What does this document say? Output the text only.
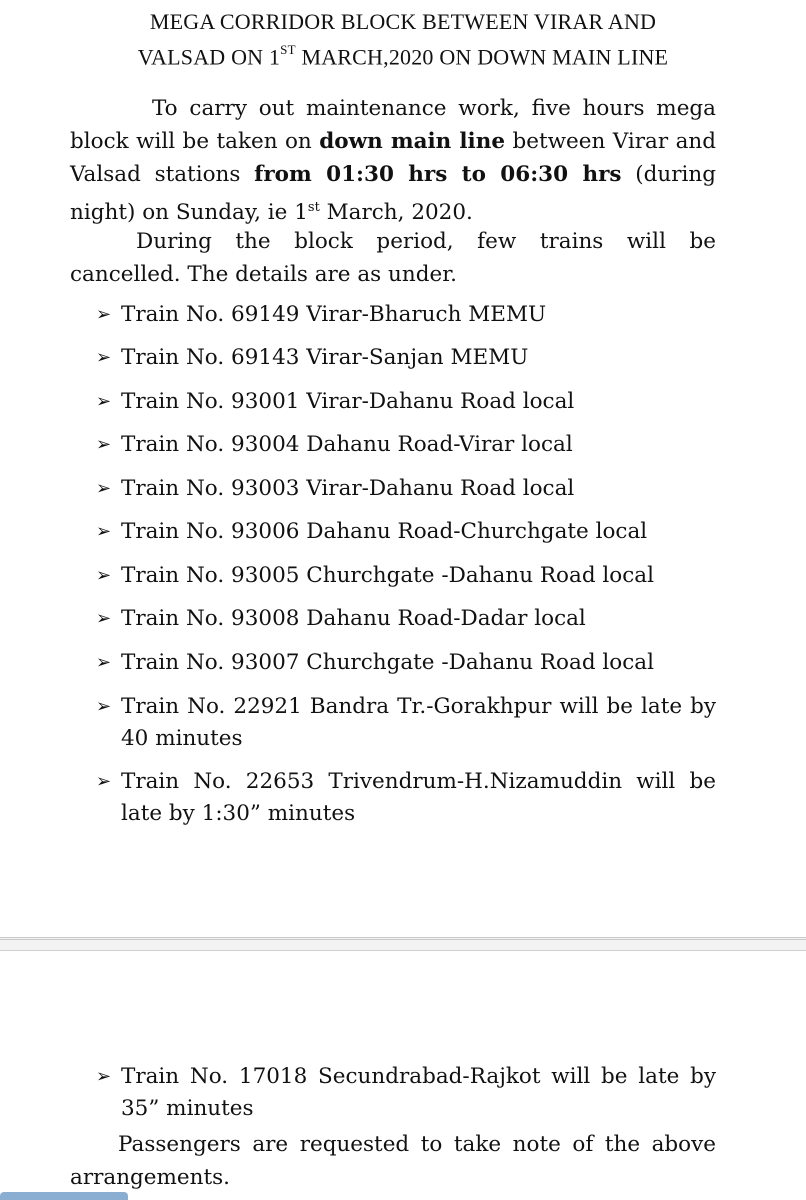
MEGA CORRIDOR BLOCK BETWEEN VIRAR AND
VALSAD ON 1ST MARCH,2020 ON DOWN MAIN LINE
To carry out maintenance work, five hours mega block will be taken on down main line between Virar and Valsad stations from 01:30 hrs to 06:30 hrs (during night) on Sunday, ie 1st March, 2020.
During the block period, few trains will be cancelled. The details are as under.
➢ Train No. 69149 Virar-Bharuch MEMU
➢ Train No. 69143 Virar-Sanjan MEMU
➢ Train No. 93001 Virar-Dahanu Road local
➢ Train No. 93004 Dahanu Road-Virar local
➢ Train No. 93003 Virar-Dahanu Road local
➢ Train No. 93006 Dahanu Road-Churchgate local
➢ Train No. 93005 Churchgate -Dahanu Road local
➢ Train No. 93008 Dahanu Road-Dadar local
➢ Train No. 93007 Churchgate -Dahanu Road local
➢ Train No. 22921 Bandra Tr.-Gorakhpur will be late by
40 minutes
➢ Train No. 22653 Trivendrum-H.Nizamuddin will be
late by 1:30” minutes
➢ Train No. 17018 Secundrabad-Rajkot will be late by
35” minutes
Passengers are requested to take note of the above arrangements.
